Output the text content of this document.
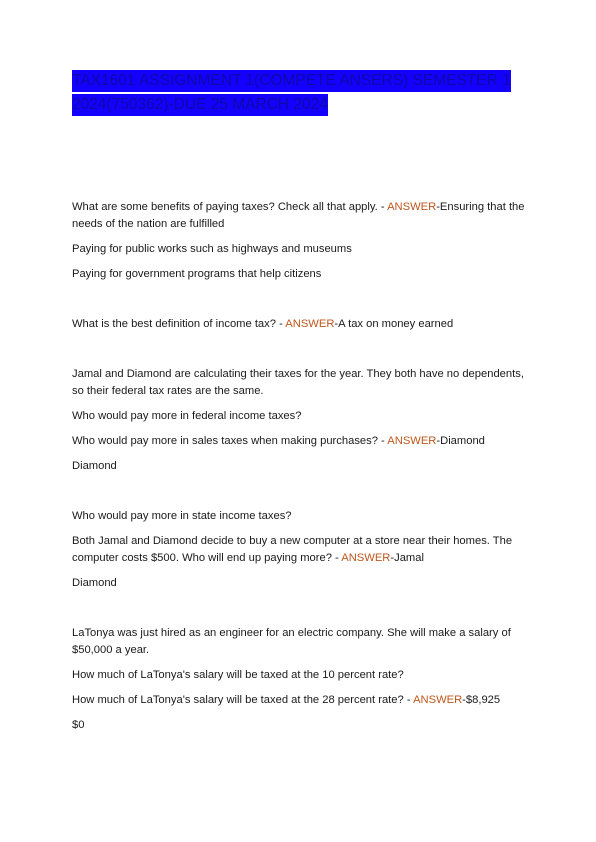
TAX1601 ASSIGNMENT 1(COMPETE ANSERS) SEMESTER 1
2024(750362)-DUE 25 MARCH 2024

What are some benefits of paying taxes? Check all that apply. - ANSWER-Ensuring that the needs of the nation are fulfilled

Paying for public works such as highways and museums

Paying for government programs that help citizens

What is the best definition of income tax? - ANSWER-A tax on money earned

Jamal and Diamond are calculating their taxes for the year. They both have no dependents, so their federal tax rates are the same.

Who would pay more in federal income taxes?

Who would pay more in sales taxes when making purchases? - ANSWER-Diamond

Diamond

Who would pay more in state income taxes?

Both Jamal and Diamond decide to buy a new computer at a store near their homes. The computer costs $500. Who will end up paying more? - ANSWER-Jamal

Diamond

LaTonya was just hired as an engineer for an electric company. She will make a salary of $50,000 a year.

How much of LaTonya's salary will be taxed at the 10 percent rate?

How much of LaTonya's salary will be taxed at the 28 percent rate? - ANSWER-$8,925

$0
